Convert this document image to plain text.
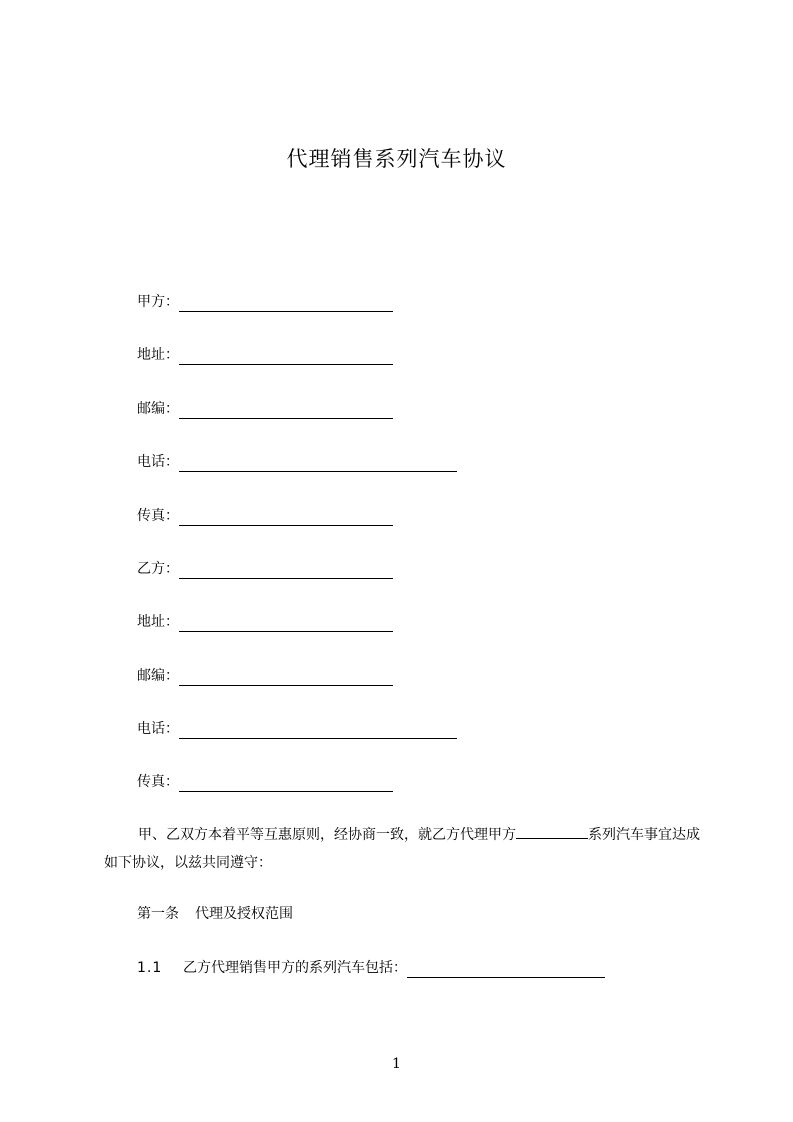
代理销售系列汽车协议
甲方：
地址：
邮编：
电话：
传真：
乙方：
地址：
邮编：
电话：
传真：
甲、乙双方本着平等互惠原则，经协商一致，就乙方代理甲方	系列汽车事宜达成如下协议，以兹共同遵守：
第一条 代理及授权范围
1.1 乙方代理销售甲方的系列汽车包括：
1
